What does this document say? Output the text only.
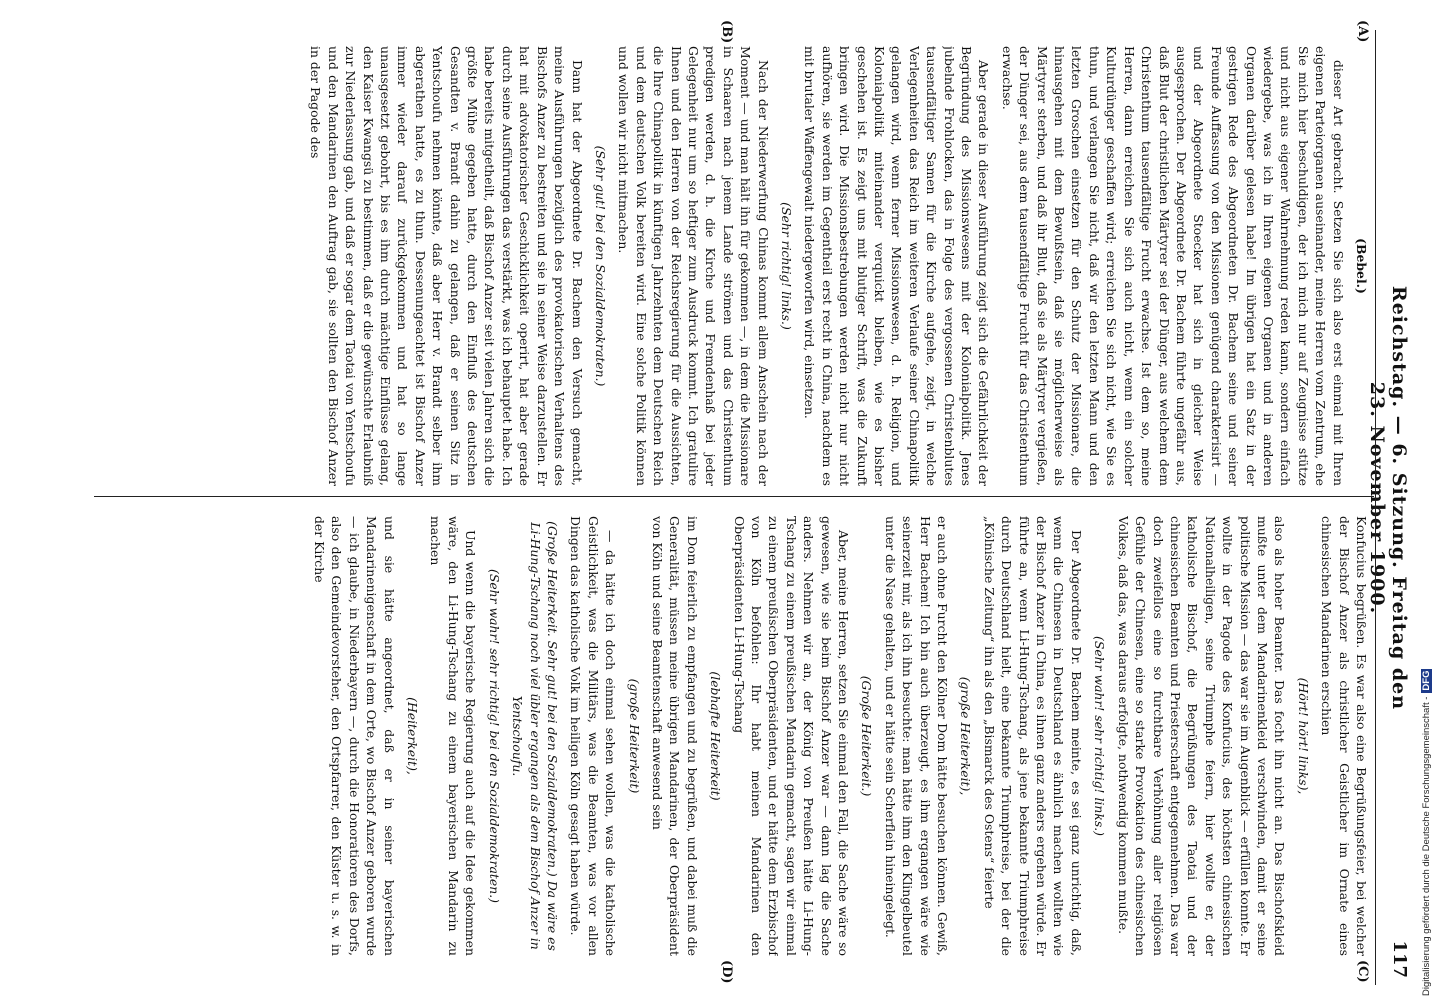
Reichstag. — 6. Sitzung. Freitag den 23. November 1900.
117
(A)
(B)
(C)
(D)

(Bebel.)

dieser Art gebracht. Setzen Sie sich also erst einmal mit Ihren eigenen Parteiorganen auseinander, meine Herren vom Zentrum, ehe Sie mich hier beschuldigen, der ich mich nur auf Zeugnisse stütze und nicht aus eigener Wahrnehmung reden kann, sondern einfach wiedergebe, was ich in Ihren eigenen Organen und in anderen Organen darüber gelesen habe! Im übrigen hat ein Satz in der gestrigen Rede des Abgeordneten Dr. Bachem seine und seiner Freunde Auffassung von den Missionen genügend charakterisirt — und der Abgeordnete Stoecker hat sich in gleicher Weise ausgesprochen. Der Abgeordnete Dr. Bachem führte ungefähr aus, daß Blut der christlichen Märtyrer sei der Dünger, aus welchem dem Christenthum tausendfältige Frucht erwachse. Ist dem so, meine Herren, dann erreichen Sie sich auch nicht, wenn ein solcher Kulturdünger geschaffen wird; erreichen Sie sich nicht, wie Sie es thun, und verlangen Sie nicht, daß wir den letzten Mann und den letzten Groschen einsetzen für den Schutz der Missionare, die hinausgehen mit dem Bewußtsein, daß sie möglicherweise als Märtyrer sterben, und daß ihr Blut, daß sie als Märtyrer vergießen, der Dünger sei, aus dem tausendfältige Frucht für das Christenthum erwachse.

Aber gerade in dieser Ausführung zeigt sich die Gefährlichkeit der Begründung des Missionswesens mit der Kolonialpolitik. Jenes jubelnde Frohlocken, das in Folge des vergossenen Christenblutes tausendfältiger Samen für die Kirche aufgehe, zeigt, in welche Verlegenheiten das Reich im weiteren Verlaufe seiner Chinapolitik gelangen wird, wenn ferner Missionswesen, d. h. Religion, und Kolonialpolitik miteinander verquickt bleiben, wie es bisher geschehen ist. Es zeigt uns mit blutiger Schrift, was die Zukunft bringen wird. Die Missionsbestrebungen werden nicht nur nicht aufhören, sie werden im Gegentheil erst recht in China, nachdem es mit brutaler Waffengewalt niedergeworfen wird, einsetzen.

(Sehr richtig! links.)

Nach der Niederwerfung Chinas kommt allem Anschein nach der Moment — und man hält ihn für gekommen —, in dem die Missionare in Schaaren nach jenem Lande strömen und das Christenthum predigen werden, d. h. die Kirche und Fremdenhaß bei jeder Gelegenheit nur um so heftiger zum Ausdruck kommt. Ich gratulire Ihnen und den Herren von der Reichsregierung für die Aussichten, die Ihre Chinapolitik in künftigen Jahrzehnten dem Deutschen Reich und dem deutschen Volk bereiten wird. Eine solche Politik können und wollen wir nicht mitmachen.

(Sehr gut! bei den Sozialdemokraten.)

Dann hat der Abgeordnete Dr. Bachem den Versuch gemacht, meine Ausführungen bezüglich des provokatorischen Verhaltens des Bischofs Anzer zu bestreiten und sie in seiner Weise darzustellen. Er hat mit advokatorischer Geschicklichkeit operirt, hat aber gerade durch seine Ausführungen das verstärkt, was ich behauptet habe. Ich habe bereits mitgetheilt, daß Bischof Anzer seit vielen Jahren sich die größte Mühe gegeben hatte, durch den Einfluß des deutschen Gesandten v. Brandt dahin zu gelangen, daß er seinen Sitz in Yentschoufu nehmen könnte, daß aber Herr v. Brandt selber ihm abgerathen hatte, es zu thun. Dessenungeachtet ist Bischof Anzer immer wieder darauf zurückgekommen und hat so lange unausgesetzt gebohrt, bis es ihm durch mächtige Einflüsse gelang, den Kaiser Kwangsü zu bestimmen, daß er die gewünschte Erlaubniß zur Niederlassung gab, und daß er sogar dem Taotai von Yentschoufu und den Mandarinen den Auftrag gab, sie sollten den Bischof Anzer in der Pagode des

Konfucius begrüßen. Es war also eine Begrüßungsfeier, bei welcher der Bischof Anzer als christlicher Geistlicher im Ornate eines chinesischen Mandarinen erschien

(Hört! hört! links),

also als hoher Beamter. Das focht ihn nicht an. Das Bischofskleid mußte unter dem Mandarinenkleid verschwinden, damit er seine politische Mission — das war sie im Augenblick — erfüllen konnte. Er wollte in der Pagode des Konfucius, des höchsten chinesischen Nationalheiligen, seine Triumphe feiern, hier wollte er, der katholische Bischof, die Begrüßungen des Taotai und der chinesischen Beamten und Priesterschaft entgegennehmen. Das war doch zweifellos eine so furchtbare Verhöhnung aller religiösen Gefühle der Chinesen, eine so starke Provokation des chinesischen Volkes, daß das, was daraus erfolgte, nothwendig kommen mußte.

(Sehr wahr! sehr richtig! links.)

Der Abgeordnete Dr. Bachem meinte, es sei ganz unrichtig, daß, wenn die Chinesen in Deutschland es ähnlich machen wollten wie der Bischof Anzer in China, es ihnen ganz anders ergehen würde. Er führte an, wenn Li-Hung-Tschang, als jene bekannte Triumphreise durch Deutschland hielt, eine bekannte Triumphreise, bei der die „Kölnische Zeitung“ ihn als den „Bismarck des Ostens“ feierte

(große Heiterkeit),

er auch ohne Furcht den Kölner Dom hätte besuchen können. Gewiß, Herr Bachem! Ich bin auch überzeugt, es ihm ergangen wäre wie seinerzeit mir, als ich ihn besuchte: man hätte ihm den Klingelbeutel unter die Nase gehalten, und er hätte sein Scherflein hineingelegt.

(Große Heiterkeit.)

Aber, meine Herren, setzen Sie einmal den Fall, die Sache wäre so gewesen, wie sie beim Bischof Anzer war — dann lag die Sache anders. Nehmen wir an, der König von Preußen hätte Li-Hung-Tschang zu einem preußischen Mandarin gemacht, sagen wir einmal zu einem preußischen Oberpräsidenten, und er hätte dem Erzbischof von Köln befohlen: Ihr habt meinen Mandarinen den Oberpräsidenten Li-Hung-Tschang

(lebhafte Heiterkeit)

im Dom feierlich zu empfangen und zu begrüßen, und dabei muß die Generalität, müssen meine übrigen Mandarinen, der Oberpräsident von Köln und seine Beamtenschaft anwesend sein

(große Heiterkeit)

— da hätte ich doch einmal sehen wollen, was die katholische Geistlichkeit, was die Militärs, was die Beamten, was vor allen Dingen das katholische Volk im heiligen Köln gesagt haben würde.

(Große Heiterkeit. Sehr gut! bei den Sozialdemokraten.) Da wäre es Li-Hung-Tschang noch viel übler ergangen als dem Bischof Anzer in Yentschoufu.

(Sehr wahr! sehr richtig! bei den Sozialdemokraten.)

Und wenn die bayerische Regierung auch auf die Idee gekommen wäre, den Li-Hung-Tschang zu einem bayerischen Mandarin zu machen

(Heiterkeit),

und sie hätte angeordnet, daß er in seiner bayerischen Mandarinenigenschaft in dem Orte, wo Bischof Anzer geboren wurde — ich glaube, in Niederbayern —, durch die Honoratioren des Dorfs, also den Gemeindevorsteher, den Ortspfarrer, den Küster u. s. w. in der Kirche

Digitalisierung gefördert durch die Deutsche Forschungsgemeinschaft -DFG
